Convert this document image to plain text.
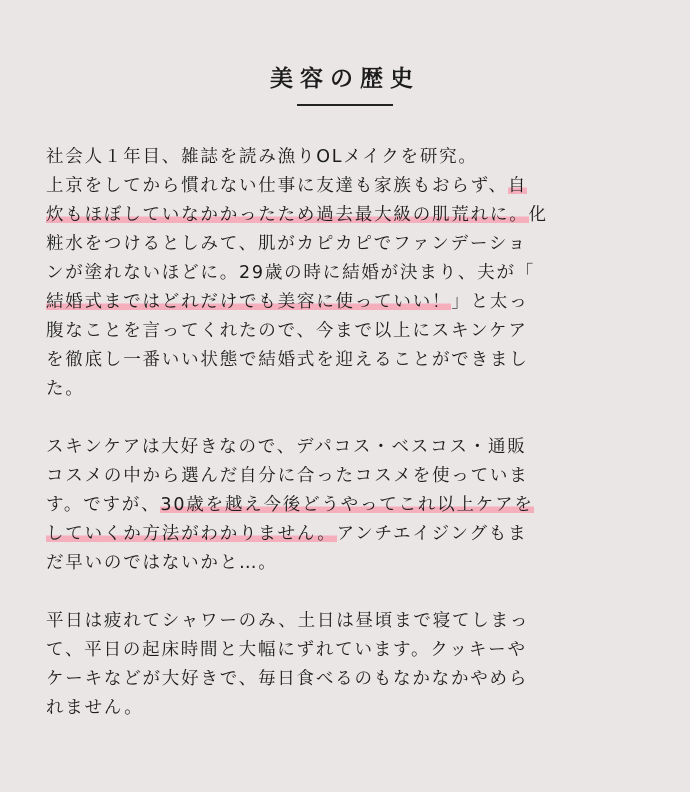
美容の歴史
社会人１年目、雑誌を読み漁りOLメイクを研究。
上京をしてから慣れない仕事に友達も家族もおらず、自
炊もほぼしていなかかったため過去最大級の肌荒れに。化
粧水をつけるとしみて、肌がカピカピでファンデーショ
ンが塗れないほどに。29歳の時に結婚が決まり、夫が「
結婚式まではどれだけでも美容に使っていい！」と太っ
腹なことを言ってくれたので、今まで以上にスキンケア
を徹底し一番いい状態で結婚式を迎えることができまし
た。
スキンケアは大好きなので、デパコス・ベスコス・通販
コスメの中から選んだ自分に合ったコスメを使っていま
す。ですが、30歳を越え今後どうやってこれ以上ケアを
していくか方法がわかりません。アンチエイジングもま
だ早いのではないかと…。
平日は疲れてシャワーのみ、土日は昼頃まで寝てしまっ
て、平日の起床時間と大幅にずれています。クッキーや
ケーキなどが大好きで、毎日食べるのもなかなかやめら
れません。
